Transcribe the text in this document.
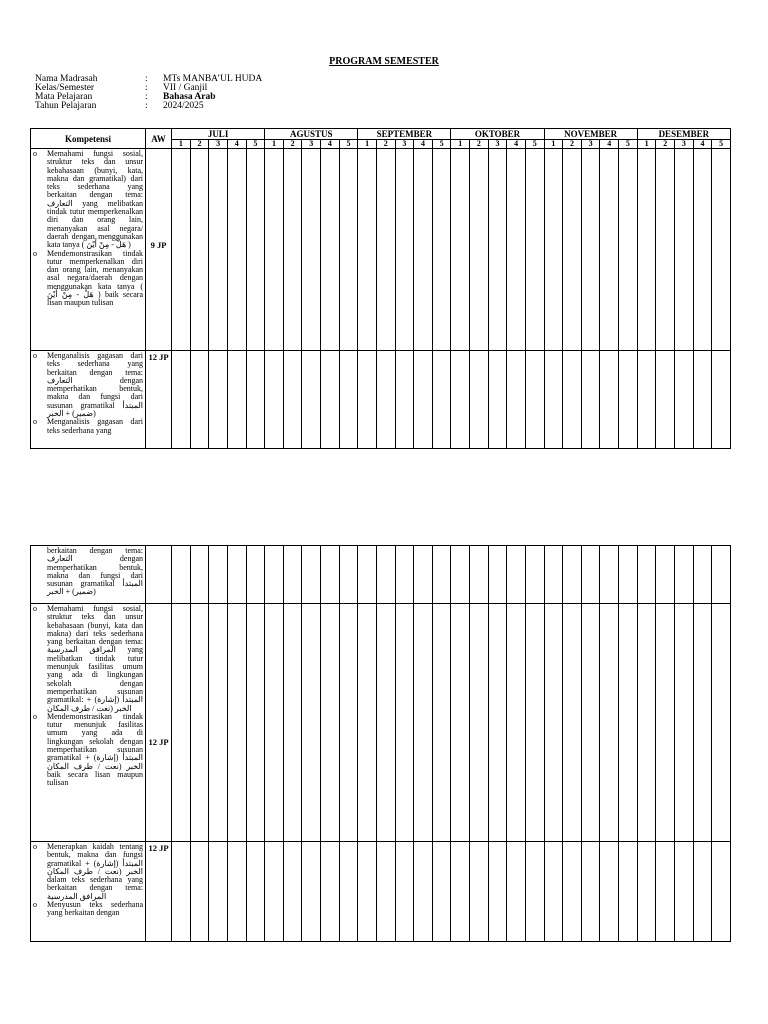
PROGRAM SEMESTER
Nama Madrasah	:	MTs MANBA’UL HUDA
Kelas/Semester	:	VII / Ganjil
Mata Pelajaran	:	Bahasa Arab
Tahun Pelajaran	:	2024/2025
Kompetensi	AW	JULI					AGUSTUS					SEPTEMBER					OKTOBER					NOVEMBER					DESEMBER				
		1	2	3	4	5	1	2	3	4	5	1	2	3	4	5	1	2	3	4	5	1	2	3	4	5	1	2	3	4	5

o Memahami fungsi sosial, struktur teks dan unsur kebahasaan (bunyi, kata, makna dan gramatikal) dari teks sederhana yang berkaitan dengan tema: التعارف yang melibatkan tindak tutur memperkenalkan diri dan orang lain, menanyakan asal negara/ daerah dengan menggunakan kata tanya ( هَلْ - مِنْ أَيْنَ )
o Mendemonstrasikan tindak tutur memperkenalkan diri dan orang lain, menanyakan asal negara/daerah dengan menggunakan kata tanya ( هَلْ - مِنْ أَيْنَ ) baik secara lisan maupun tulisan	9 JP																														

o Menganalisis gagasan dari teks sederhana yang berkaitan dengan tema: التعارف dengan memperhatikan bentuk, makna dan fungsi dari susunan gramatikal المبتدأ (ضمير) + الخبر
o Menganalisis gagasan dari teks sederhana yang	12 JP																														

berkaitan dengan tema: التعارف dengan memperhatikan bentuk, makna dan fungsi dari susunan gramatikal المبتدأ (ضمير) + الخبر																															

o Memahami fungsi sosial, struktur teks dan unsur kebahasaan (bunyi, kata dan makna) dari teks sederhana yang berkaitan dengan tema: المرافق المدرسية yang melibatkan tindak tutur menunjuk fasilitas umum yang ada di lingkungan sekolah dengan memperhatikan susunan gramatikal: المبتدأ (إشارة) + الخبر (نعت / طرف المكان
o Mendemonstrasikan tindak tutur menunjuk fasilitas umum yang ada di lingkungan sekolah dengan memperhatikan susunan gramatikal المبتدأ (إشارة) + الخبر (نعت / طرف المكان baik secara lisan maupun tulisan	12 JP																														

o Menerapkan kaidah tentang bentuk, makna dan fungsi gramatikal المبتدأ (إشارة) + الخبر (نعت / طرف المكان dalam teks sederhana yang berkaitan dengan tema: المرافق المدرسية
o Menyusun teks sederhana yang berkaitan dengan	12 JP																														
